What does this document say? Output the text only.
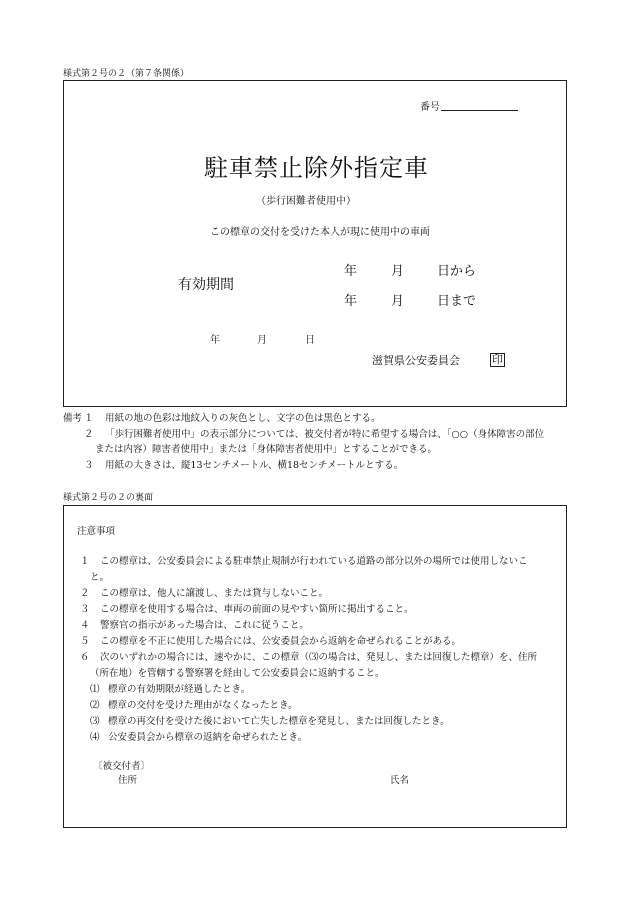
様式第２号の２（第７条関係）
番号
駐車禁止除外指定車
（歩行困難者使用中）
この標章の交付を受けた本人が現に使用中の車両
有効期間
年	月	日から
年	月	日まで
年	月	日
滋賀県公安委員会	印
備考 １ 用紙の地の色彩は地紋入りの灰色とし、文字の色は黒色とする。
２ 「歩行困難者使用中」の表示部分については、被交付者が特に希望する場合は、「○○（身体障害の部位
または内容）障害者使用中」または「身体障害者使用中」とすることができる。
３ 用紙の大きさは、縦13センチメートル、横18センチメートルとする。
様式第２号の２の裏面
注意事項
１ この標章は、公安委員会による駐車禁止規制が行われている道路の部分以外の場所では使用しないこ
と。
２ この標章は、他人に譲渡し、または貸与しないこと。
３ この標章を使用する場合は、車両の前面の見やすい箇所に掲出すること。
４ 警察官の指示があった場合は、これに従うこと。
５ この標章を不正に使用した場合には、公安委員会から返納を命ぜられることがある。
６ 次のいずれかの場合には、速やかに、この標章（⑶の場合は、発見し、または回復した標章）を、住所
（所在地）を管轄する警察署を経由して公安委員会に返納すること。
⑴ 標章の有効期限が経過したとき。
⑵ 標章の交付を受けた理由がなくなったとき。
⑶ 標章の再交付を受けた後において亡失した標章を発見し、または回復したとき。
⑷ 公安委員会から標章の返納を命ぜられたとき。
〔被交付者〕
住所	氏名
